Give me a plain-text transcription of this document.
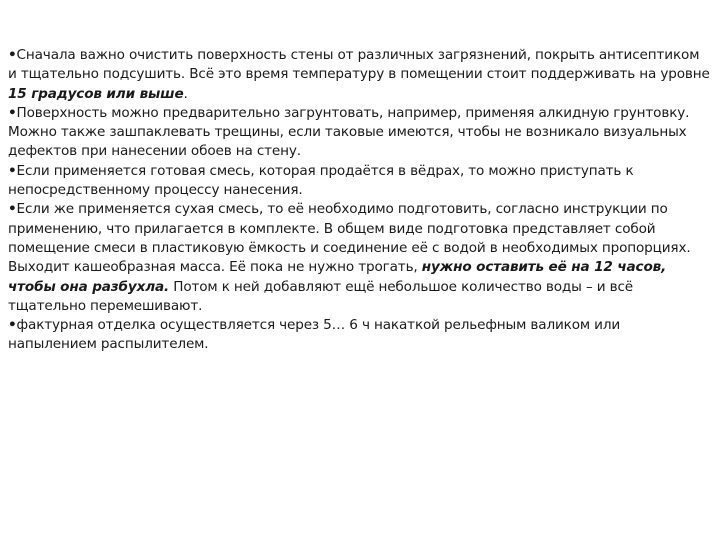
•Сначала важно очистить поверхность стены от различных загрязнений, покрыть антисептиком и тщательно подсушить. Всё это время температуру в помещении стоит поддерживать на уровне 15 градусов или выше.

•Поверхность можно предварительно загрунтовать, например, применяя алкидную грунтовку. Можно также зашпаклевать трещины, если таковые имеются, чтобы не возникало визуальных дефектов при нанесении обоев на стену.

•Если применяется готовая смесь, которая продаётся в вёдрах, то можно приступать к непосредственному процессу нанесения.

•Если же применяется сухая смесь, то её необходимо подготовить, согласно инструкции по применению, что прилагается в комплекте. В общем виде подготовка представляет собой помещение смеси в пластиковую ёмкость и соединение её с водой в необходимых пропорциях. Выходит кашеобразная масса. Её пока не нужно трогать, нужно оставить её на 12 часов, чтобы она разбухла. Потом к ней добавляют ещё небольшое количество воды – и всё тщательно перемешивают.

•фактурная отделка осуществляется через 5… 6 ч накаткой рельефным валиком или напылением распылителем.
